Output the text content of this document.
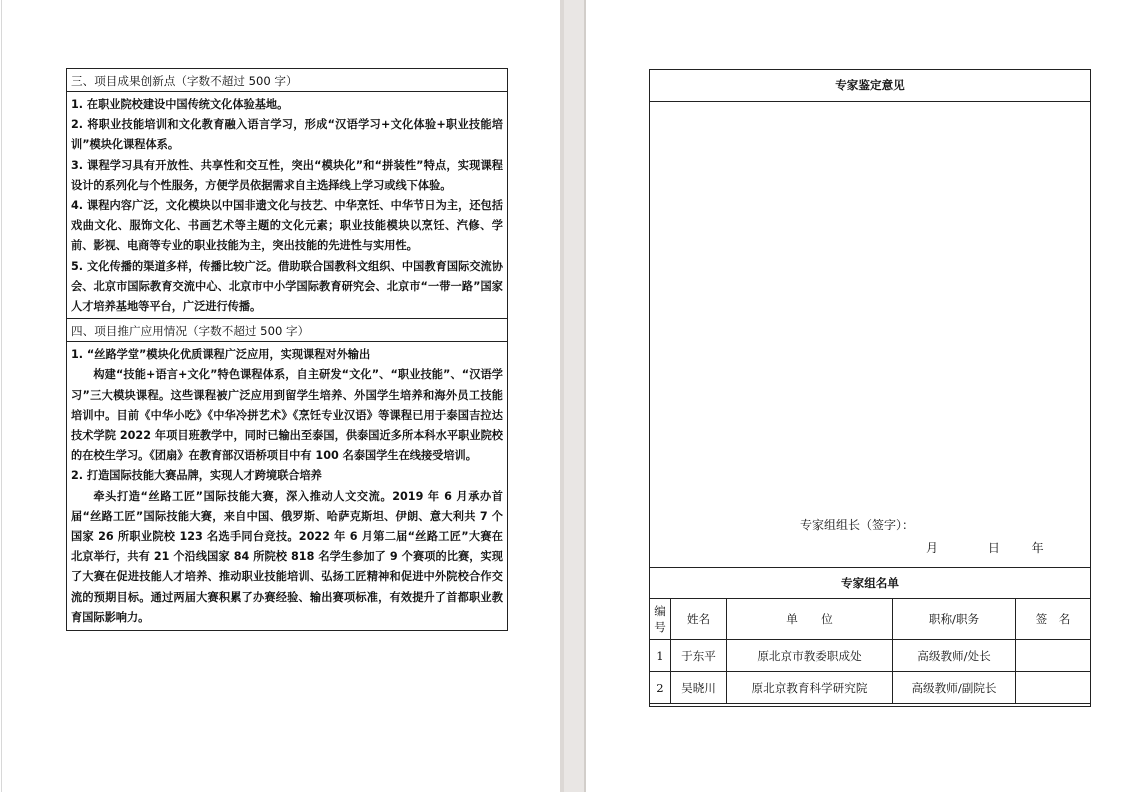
三、项目成果创新点（字数不超过 500 字）

1. 在职业院校建设中国传统文化体验基地。

2. 将职业技能培训和文化教育融入语言学习，形成“汉语学习+文化体验+职业技能培训”模块化课程体系。

3. 课程学习具有开放性、共享性和交互性，突出“模块化”和“拼装性”特点，实现课程设计的系列化与个性服务，方便学员依据需求自主选择线上学习或线下体验。

4. 课程内容广泛，文化模块以中国非遗文化与技艺、中华烹饪、中华节日为主，还包括戏曲文化、服饰文化、书画艺术等主题的文化元素；职业技能模块以烹饪、汽修、学前、影视、电商等专业的职业技能为主，突出技能的先进性与实用性。

5. 文化传播的渠道多样，传播比较广泛。借助联合国教科文组织、中国教育国际交流协会、北京市国际教育交流中心、北京市中小学国际教育研究会、北京市“一带一路”国家人才培养基地等平台，广泛进行传播。

四、项目推广应用情况（字数不超过 500 字）

1. “丝路学堂”模块化优质课程广泛应用，实现课程对外输出

构建“技能+语言+文化”特色课程体系，自主研发“文化”、“职业技能”、“汉语学习”三大模块课程。这些课程被广泛应用到留学生培养、外国学生培养和海外员工技能培训中。目前《中华小吃》《中华冷拼艺术》《烹饪专业汉语》等课程已用于泰国吉拉达技术学院 2022 年项目班教学中，同时已输出至泰国，供泰国近多所本科水平职业院校的在校生学习。《团扇》在教育部汉语桥项目中有 100 名泰国学生在线接受培训。

2. 打造国际技能大赛品牌，实现人才跨境联合培养

牵头打造“丝路工匠”国际技能大赛，深入推动人文交流。2019 年 6 月承办首届“丝路工匠”国际技能大赛，来自中国、俄罗斯、哈萨克斯坦、伊朗、意大利共 7 个国家 26 所职业院校 123 名选手同台竞技。2022 年 6 月第二届“丝路工匠”大赛在北京举行，共有 21 个沿线国家 84 所院校 818 名学生参加了 9 个赛项的比赛，实现了大赛在促进技能人才培养、推动职业技能培训、弘扬工匠精神和促进中外院校合作交流的预期目标。通过两届大赛积累了办赛经验、输出赛项标准，有效提升了首都职业教育国际影响力。

专家鉴定意见
专家组组长（签字）：
月	日	年
专家组名单
编
号	姓名	单　　位	职称/职务	签　名
1	于东平	原北京市教委职成处	高级教师/处长	
2	吴晓川	原北京教育科学研究院	高级教师/副院长	
